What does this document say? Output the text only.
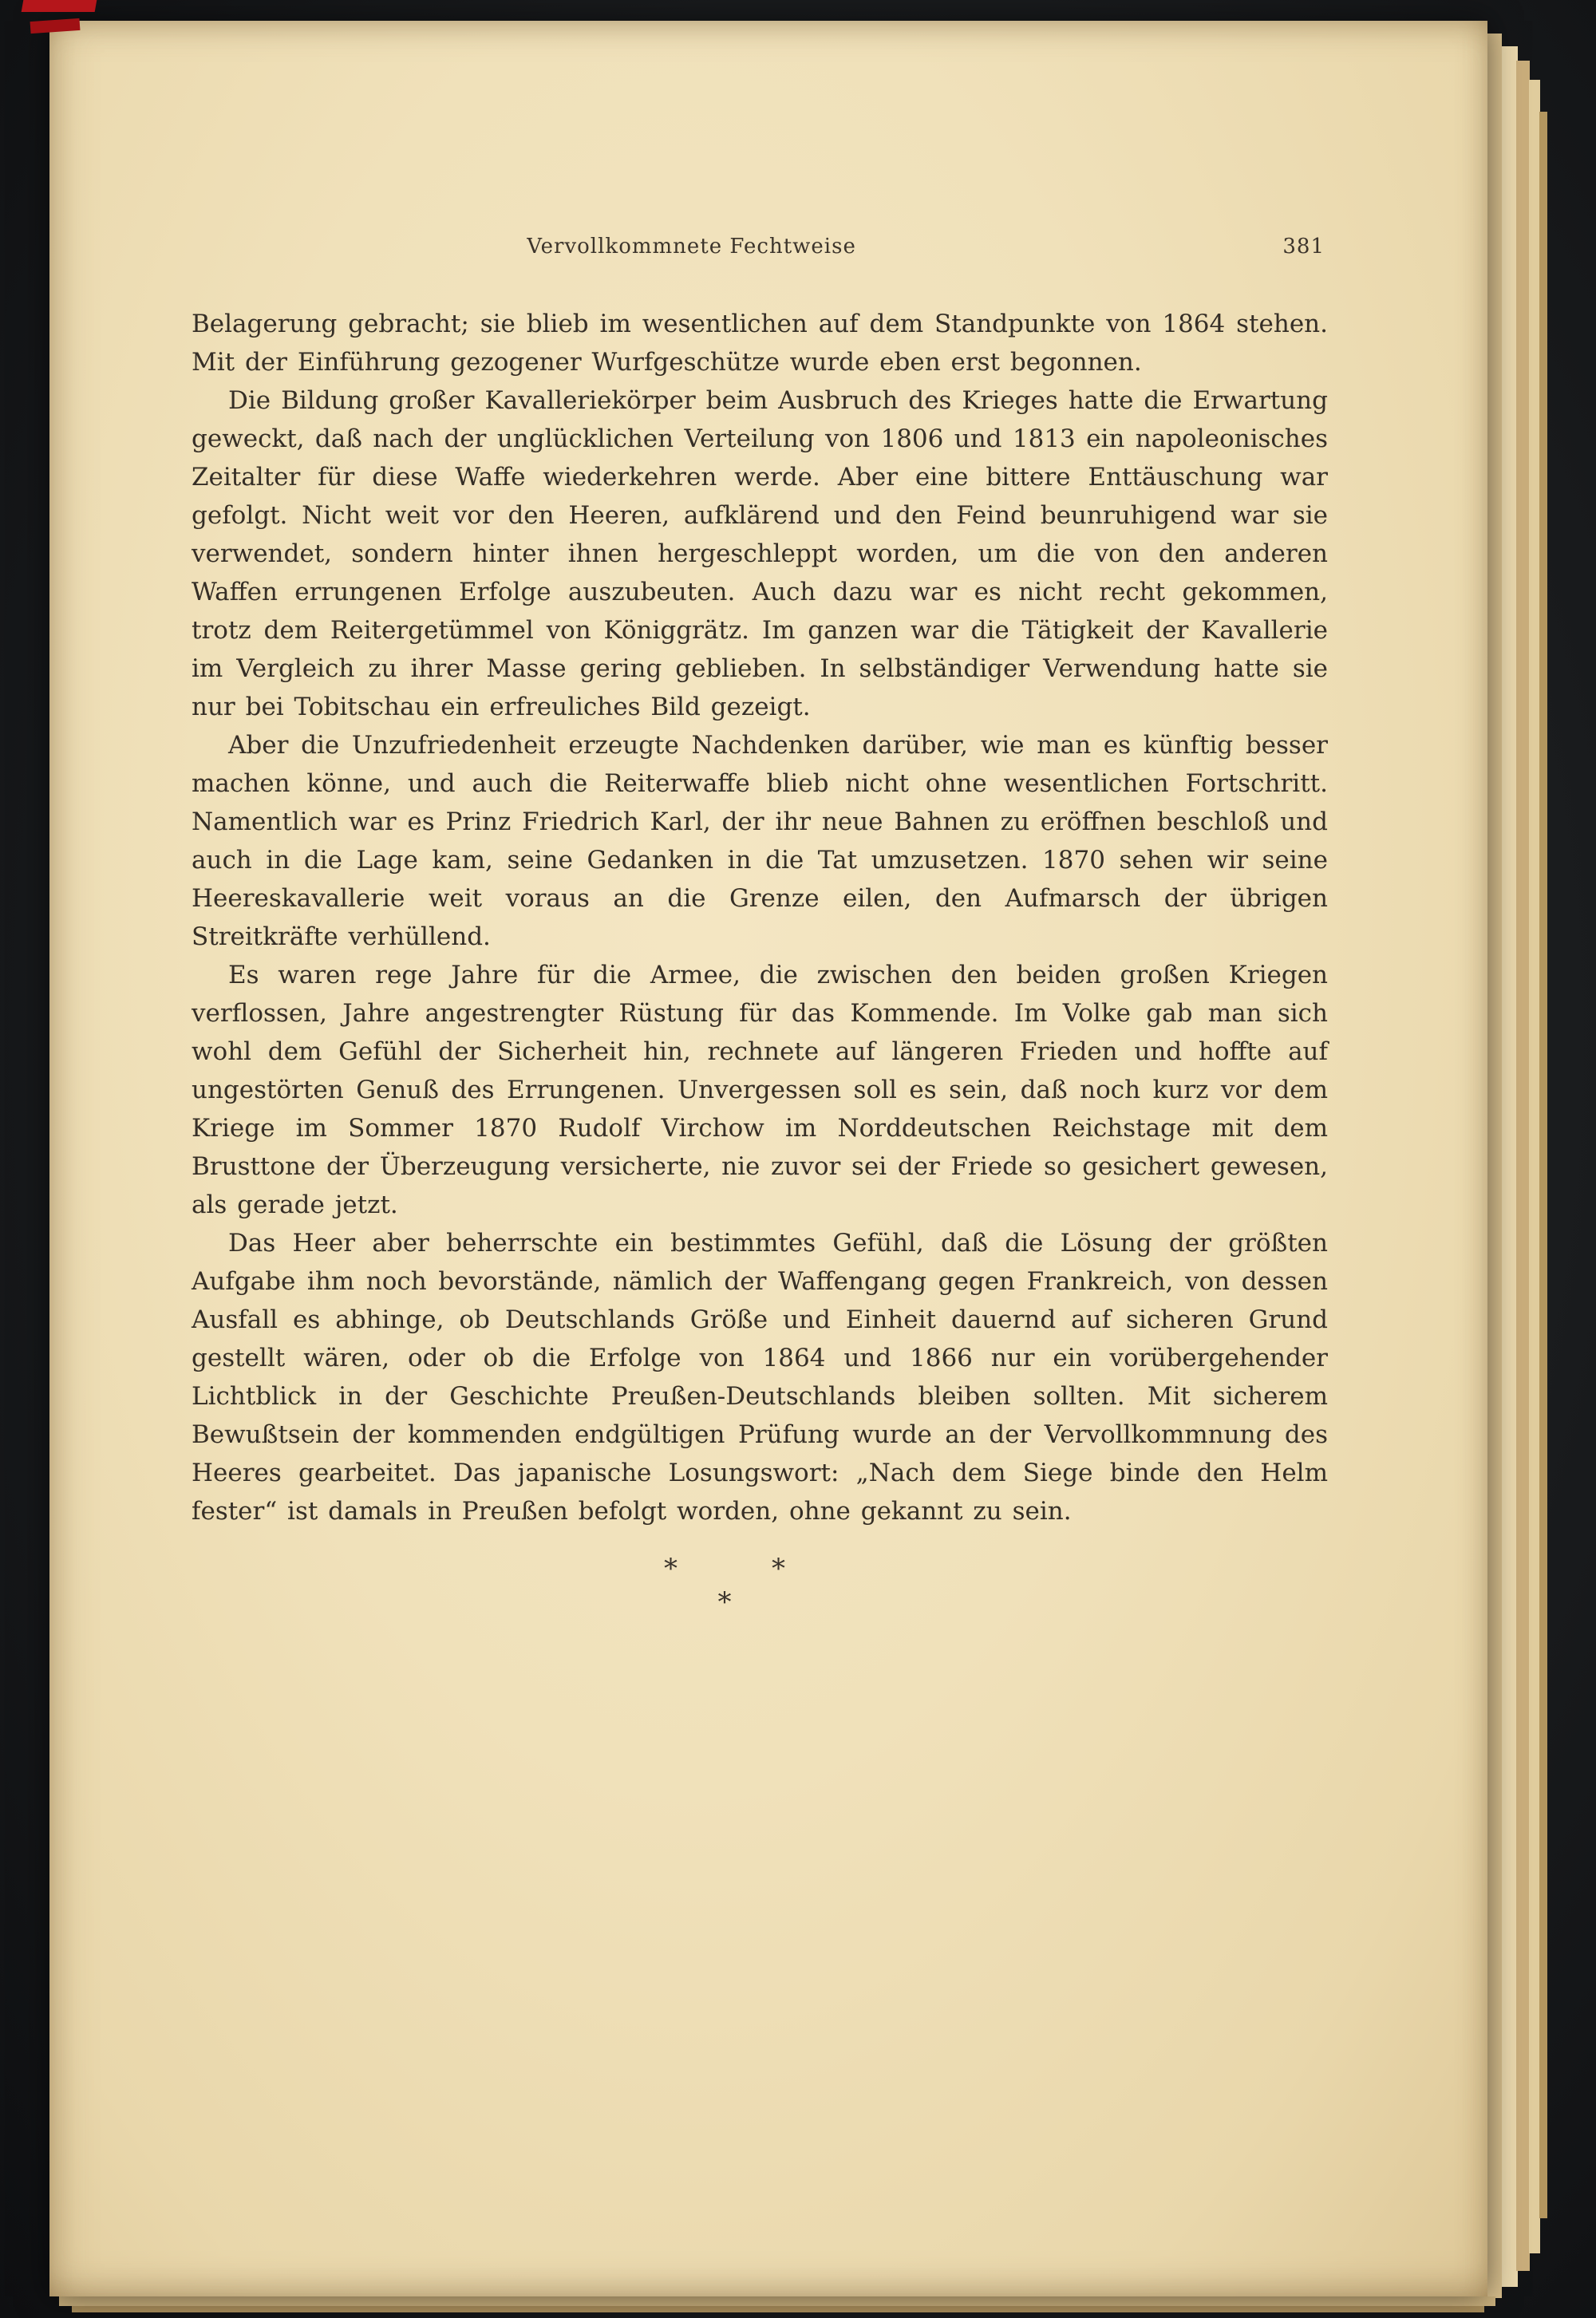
Vervollkommnete Fechtweise	381

Belagerung gebracht; sie blieb im wesentlichen auf dem Standpunkte von 1864 stehen. Mit der Einführung gezogener Wurfgeschütze wurde eben erst begonnen.

Die Bildung großer Kavalleriekörper beim Ausbruch des Krieges hatte die Erwartung geweckt, daß nach der unglücklichen Verteilung von 1806 und 1813 ein napoleonisches Zeitalter für diese Waffe wiederkehren werde. Aber eine bittere Enttäuschung war gefolgt. Nicht weit vor den Heeren, aufklärend und den Feind beunruhigend war sie verwendet, sondern hinter ihnen hergeschleppt worden, um die von den anderen Waffen errungenen Erfolge auszubeuten. Auch dazu war es nicht recht gekommen, trotz dem Reitergetümmel von Königgrätz. Im ganzen war die Tätigkeit der Kavallerie im Vergleich zu ihrer Masse gering geblieben. In selbständiger Verwendung hatte sie nur bei Tobitschau ein erfreuliches Bild gezeigt.

Aber die Unzufriedenheit erzeugte Nachdenken darüber, wie man es künftig besser machen könne, und auch die Reiterwaffe blieb nicht ohne wesentlichen Fortschritt. Namentlich war es Prinz Friedrich Karl, der ihr neue Bahnen zu eröffnen beschloß und auch in die Lage kam, seine Gedanken in die Tat umzusetzen. 1870 sehen wir seine Heereskavallerie weit voraus an die Grenze eilen, den Aufmarsch der übrigen Streitkräfte verhüllend.

Es waren rege Jahre für die Armee, die zwischen den beiden großen Kriegen verflossen, Jahre angestrengter Rüstung für das Kommende. Im Volke gab man sich wohl dem Gefühl der Sicherheit hin, rechnete auf längeren Frieden und hoffte auf ungestörten Genuß des Errungenen. Unvergessen soll es sein, daß noch kurz vor dem Kriege im Sommer 1870 Rudolf Virchow im Norddeutschen Reichstage mit dem Brusttone der Überzeugung versicherte, nie zuvor sei der Friede so gesichert gewesen, als gerade jetzt.

Das Heer aber beherrschte ein bestimmtes Gefühl, daß die Lösung der größten Aufgabe ihm noch bevorstände, nämlich der Waffengang gegen Frankreich, von dessen Ausfall es abhinge, ob Deutschlands Größe und Einheit dauernd auf sicheren Grund gestellt wären, oder ob die Erfolge von 1864 und 1866 nur ein vorübergehender Lichtblick in der Geschichte Preußen-Deutschlands bleiben sollten. Mit sicherem Bewußtsein der kommenden endgültigen Prüfung wurde an der Vervollkommnung des Heeres gearbeitet. Das japanische Losungswort: „Nach dem Siege binde den Helm fester“ ist damals in Preußen befolgt worden, ohne gekannt zu sein.

*	*
*
